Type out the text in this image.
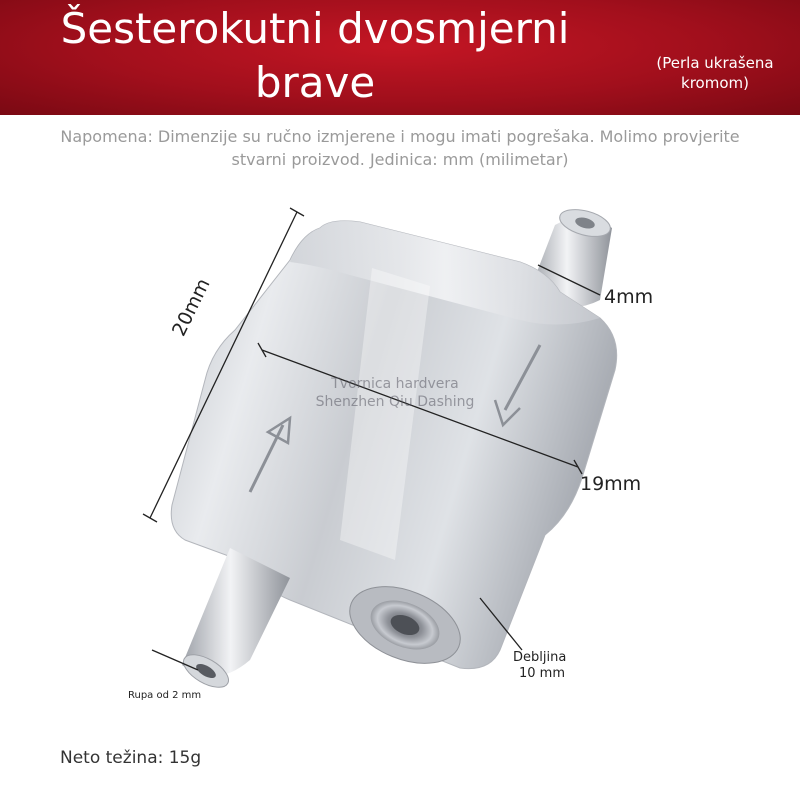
Šesterokutni dvosmjerni
brave	(Perla ukrašena
kromom)
Napomena: Dimenzije su ručno izmjerene i mogu imati pogrešaka. Molimo provjerite
stvarni proizvod. Jedinica: mm (milimetar)
20mm
19mm
4mm
Debljina
10 mm
Rupa od 2 mm
Tvornica hardvera
Shenzhen Qiu Dashing
Neto težina: 15g
